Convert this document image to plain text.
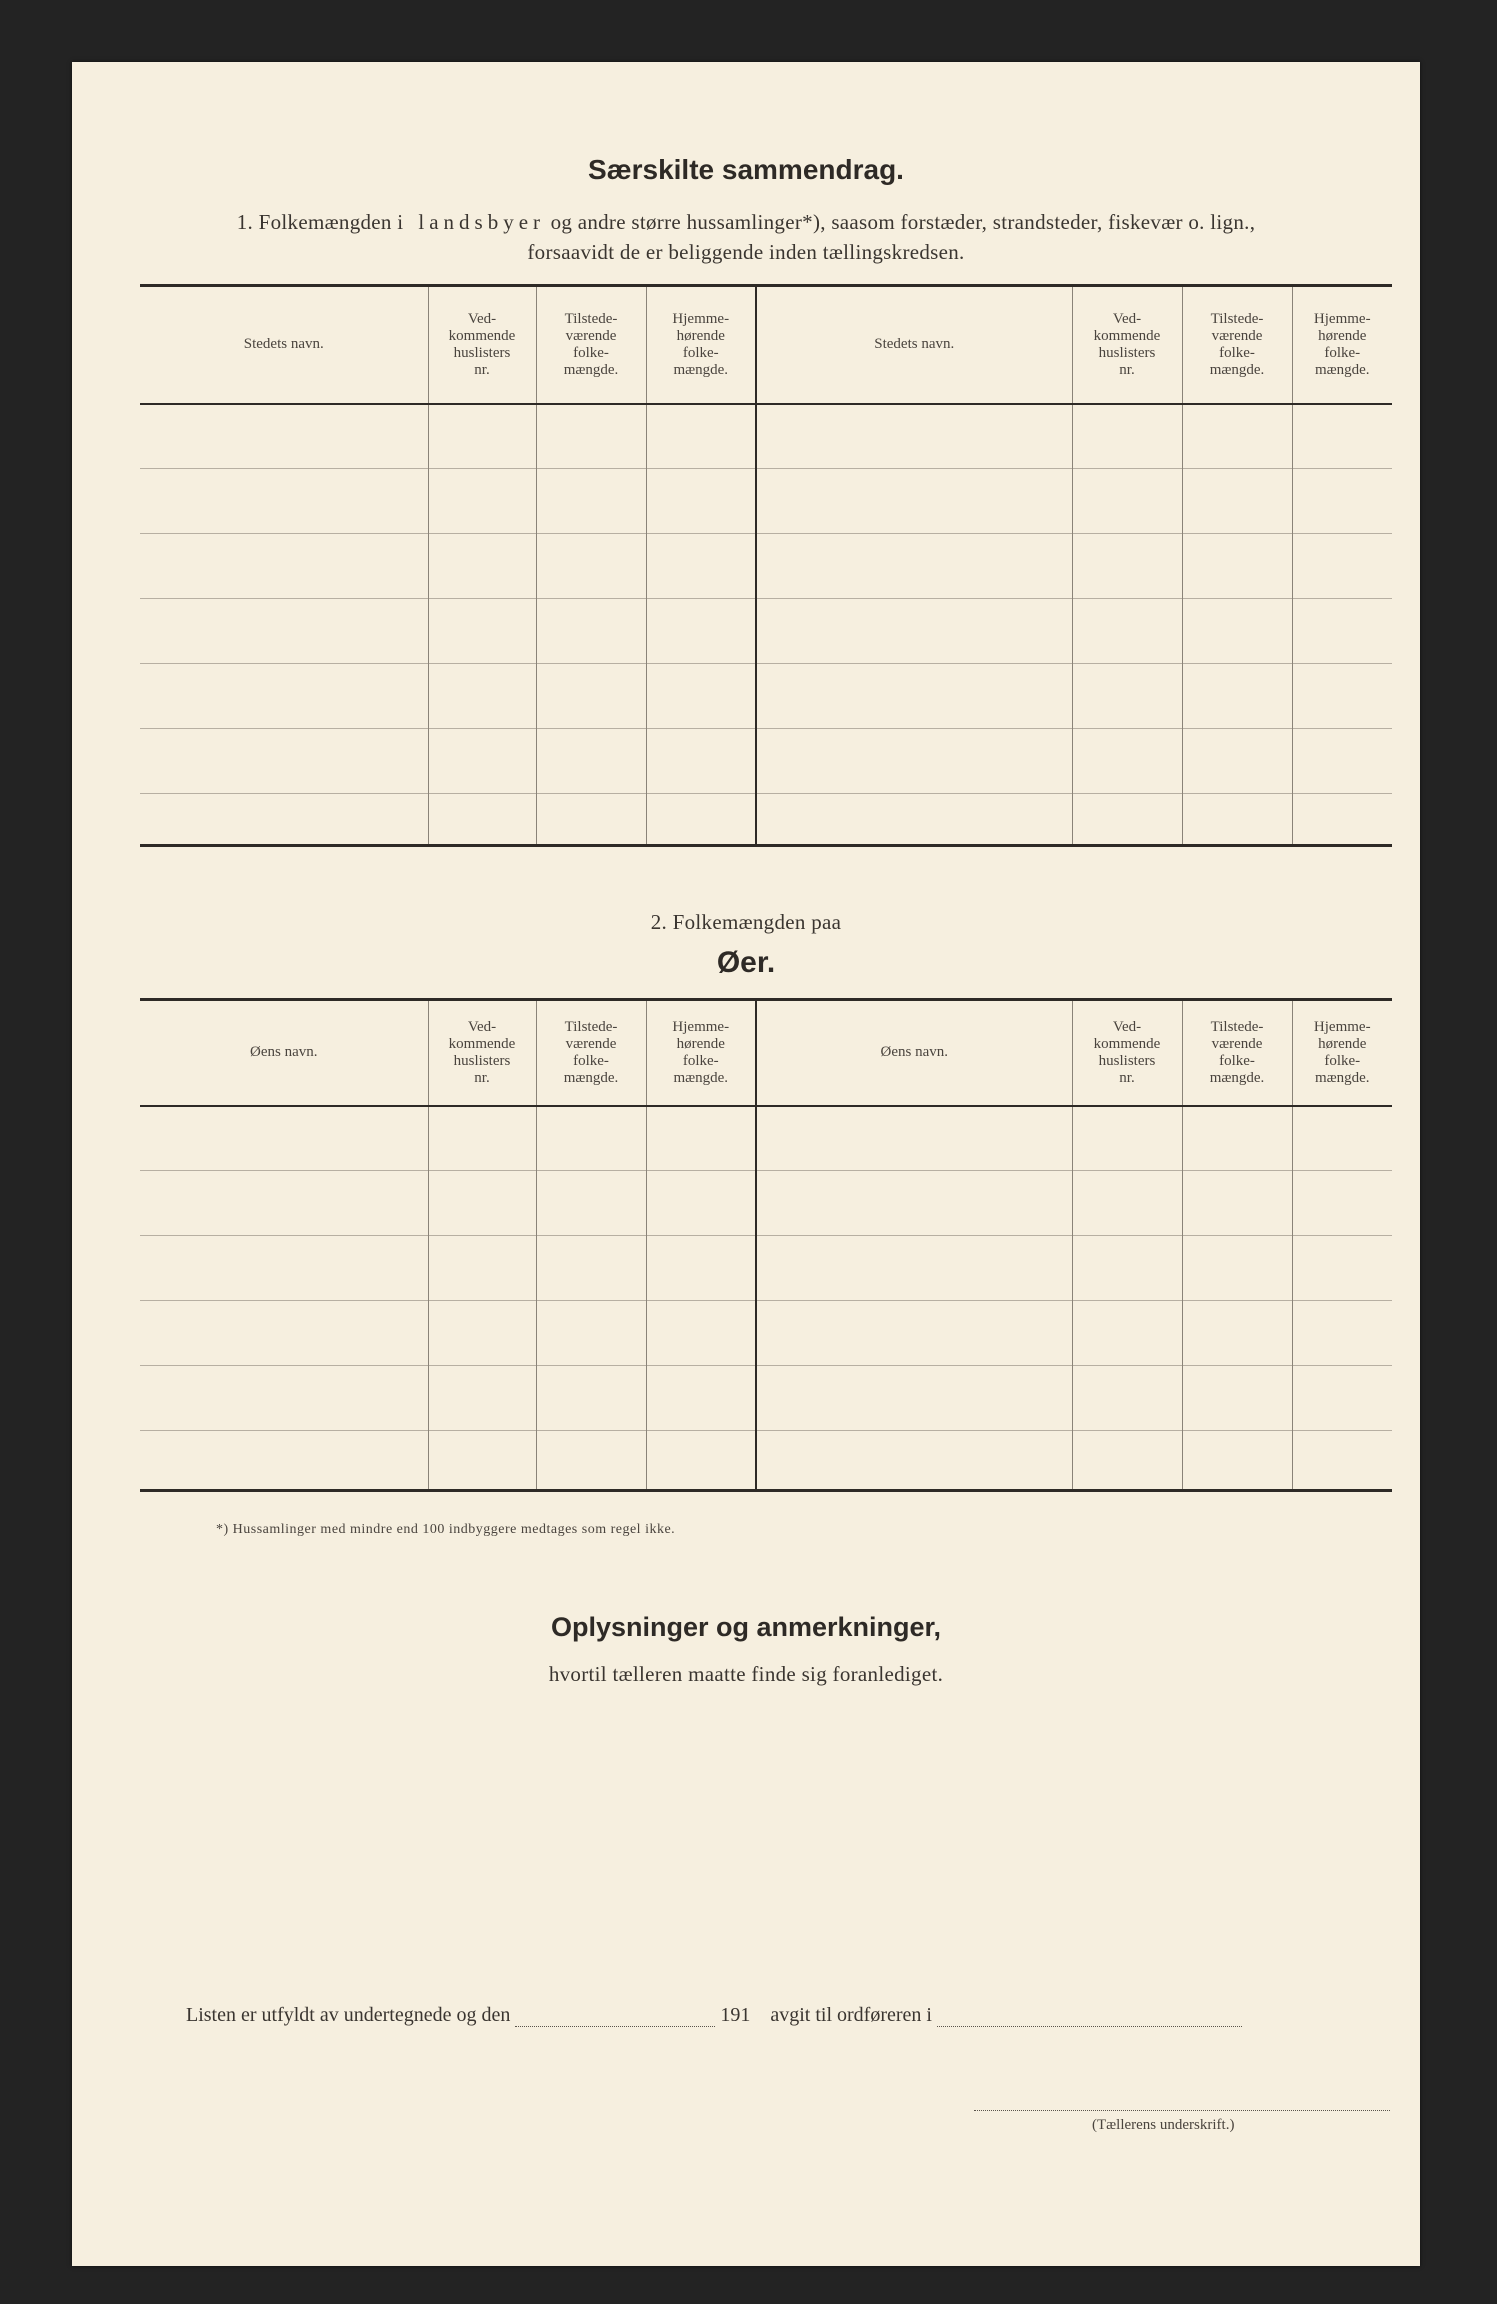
Særskilte sammendrag.
1. Folkemængden i landsbyer og andre større hussamlinger*), saasom forstæder, strandsteder, fiskevær o. lign.,
forsaavidt de er beliggende inden tællingskredsen.
Stedets navn.	Ved-
kommende
huslisters
nr.	Tilstede-
værende
folke-
mængde.	Hjemme-
hørende
folke-
mængde.	Stedets navn.	Ved-
kommende
huslisters
nr.	Tilstede-
værende
folke-
mængde.	Hjemme-
hørende
folke-
mængde.

2. Folkemængden paa
Øer.
Øens navn.	Ved-
kommende
huslisters
nr.	Tilstede-
værende
folke-
mængde.	Hjemme-
hørende
folke-
mængde.	Øens navn.	Ved-
kommende
huslisters
nr.	Tilstede-
værende
folke-
mængde.	Hjemme-
hørende
folke-
mængde.

*) Hussamlinger med mindre end 100 indbyggere medtages som regel ikke.
Oplysninger og anmerkninger,
hvortil tælleren maatte finde sig foranlediget.
Listen er utfyldt av undertegnede og den	191 avgit til ordføreren i
(Tællerens underskrift.)
